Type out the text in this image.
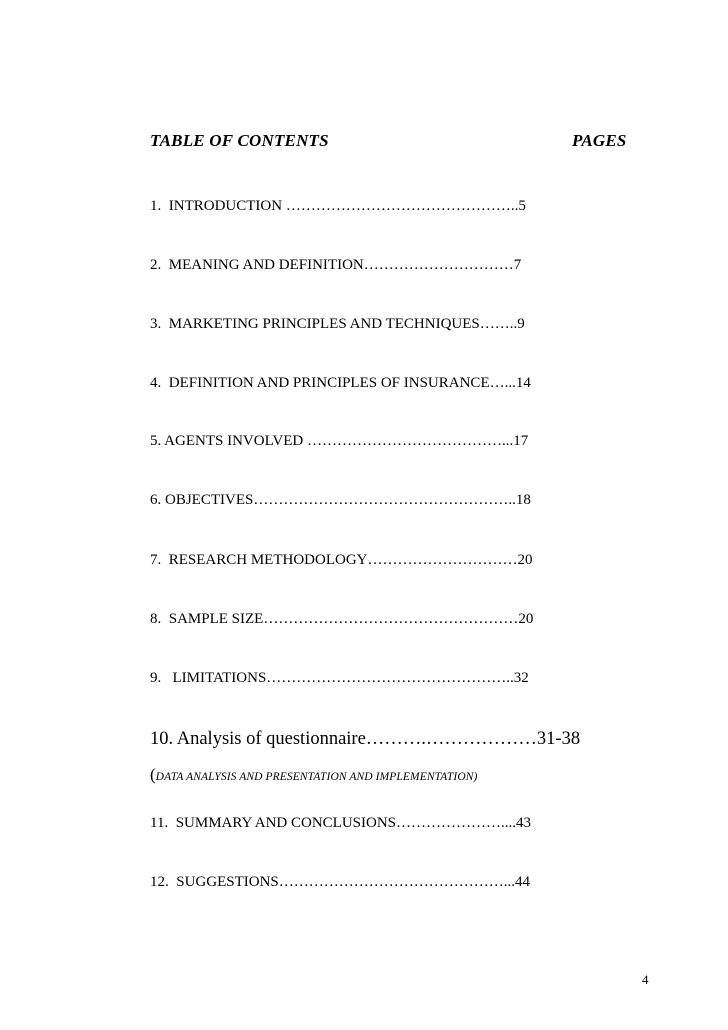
TABLE OF CONTENTS	PAGES
1.  INTRODUCTION ………………………………………..5
2.  MEANING AND DEFINITION…………………………7
3.  MARKETING PRINCIPLES AND TECHNIQUES……..9
4.  DEFINITION AND PRINCIPLES OF INSURANCE…...14
5. AGENTS INVOLVED …………………………………...17
6. OBJECTIVES……………………………………………..18
7.  RESEARCH METHODOLOGY…………………………20
8.  SAMPLE SIZE……………………………………………20
9.   LIMITATIONS…………………………………………..32
10. Analysis of questionnaire……….………………31-38
(DATA ANALYSIS AND PRESENTATION AND IMPLEMENTATION)
11.  SUMMARY AND CONCLUSIONS…………………....43
12.  SUGGESTIONS………………………………………...44
4
